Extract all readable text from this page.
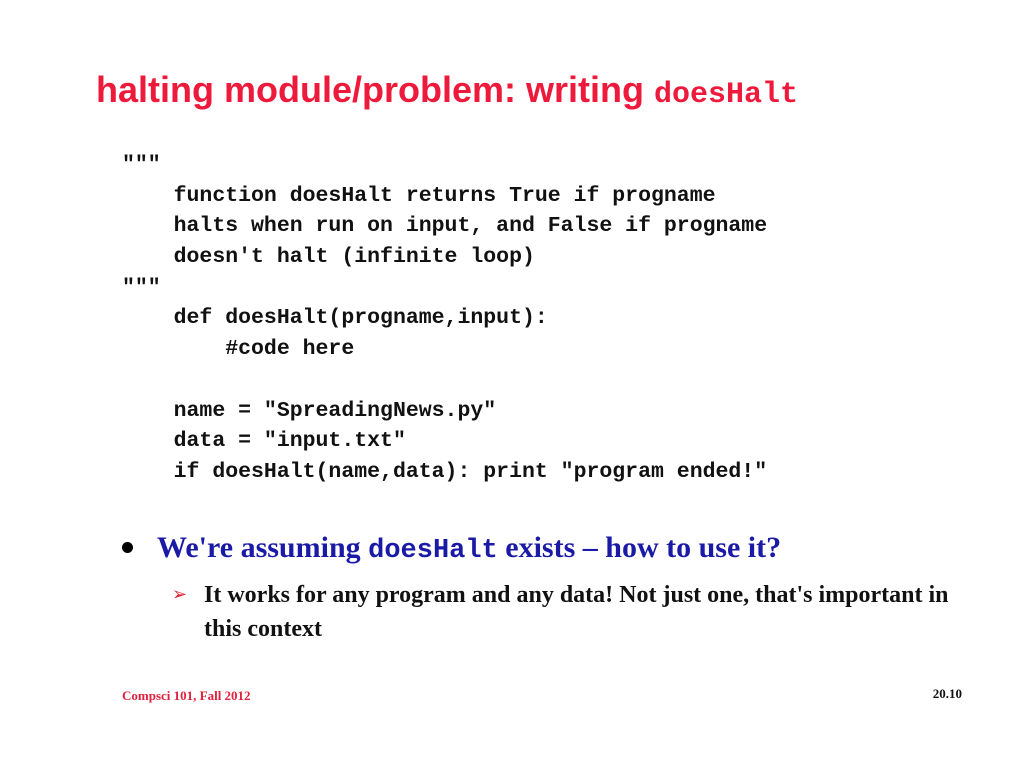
halting module/problem: writing doesHalt
"""
function doesHalt returns True if progname
halts when run on input, and False if progname
doesn't halt (infinite loop)
"""
def doesHalt(progname,input):
#code here
name = "SpreadingNews.py"
data = "input.txt"
if doesHalt(name,data): print "program ended!"
We're assuming doesHalt exists – how to use it?
➢ It works for any program and any data! Not just one, that's important in this context
Compsci 101, Fall 2012	20.10
